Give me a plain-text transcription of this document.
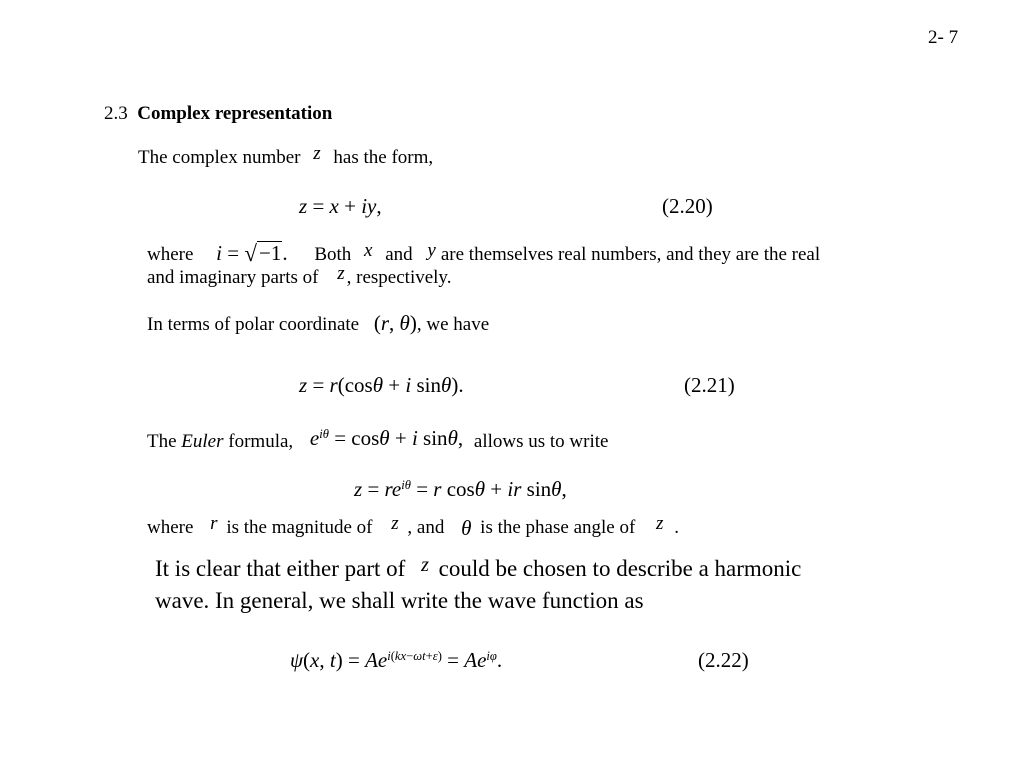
2- 7
2.3 Complex representation
The complex number z has the form,
z = x + iy,	(2.20)
where i = √−1. Both x and y are themselves real numbers, and they are the real
and imaginary parts of z , respectively.
In terms of polar coordinate (r, θ), we have
z = r(cosθ + i sinθ).	(2.21)
The Euler formula, $e^{i\theta} = \cos\theta + i$ sinθ, allows us to write
$z = re^{i\theta} = r$ cosθ + ir sinθ,
where r is the magnitude of z , and θ is the phase angle of z .
It is clear that either part of z could be chosen to describe a harmonic
wave. In general, we shall write the wave function as
ψ(x, $t) = Ae^{i(kx-\omega t+\varepsilon)} = Ae^{i\varphi}$.	(2.22)
